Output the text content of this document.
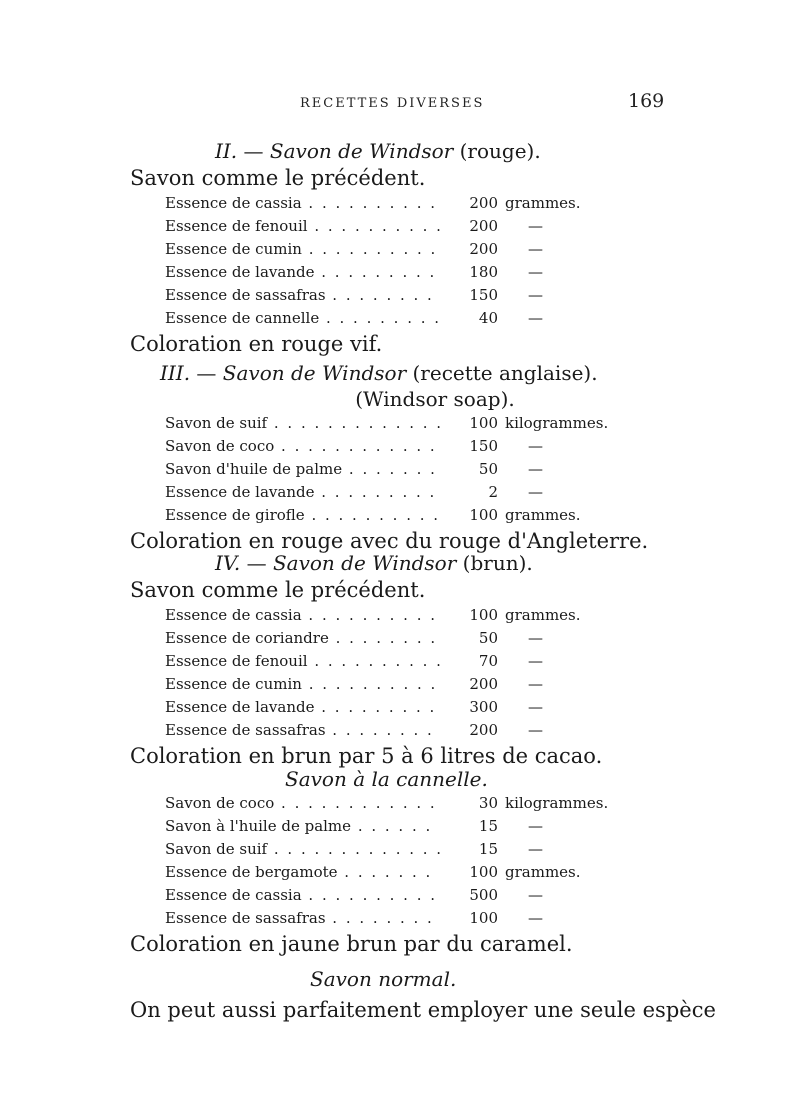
RECETTES DIVERSES	169
II. — Savon de Windsor (rouge).
Savon comme le précédent.
Essence de cassia . . .	200 grammes.
Essence de fenouil . . .	200 —
Essence de cumin . . .	200 —
Essence de lavande . . .	180 —
Essence de sassafras . . .	150 —
Essence de cannelle . . .	40 —
Coloration en rouge vif.
III. — Savon de Windsor (recette anglaise).
(Windsor soap).
Savon de suif . . .	100 kilogrammes.
Savon de coco . . .	150 —
Savon d'huile de palme . . .	50 —
Essence de lavande . . .	2 —
Essence de girofle . . .	100 grammes.
Coloration en rouge avec du rouge d'Angleterre.
IV. — Savon de Windsor (brun).
Savon comme le précédent.
Essence de cassia . . .	100 grammes.
Essence de coriandre . . .	50 —
Essence de fenouil . . .	70 —
Essence de cumin . . .	200 —
Essence de lavande . . .	300 —
Essence de sassafras . . .	200 —
Coloration en brun par 5 à 6 litres de cacao.
Savon à la cannelle.
Savon de coco . . .	30 kilogrammes.
Savon à l'huile de palme . . .	15 —
Savon de suif . . .	15 —
Essence de bergamote . . .	100 grammes.
Essence de cassia . . .	500 —
Essence de sassafras . . .	100 —
Coloration en jaune brun par du caramel.
Savon normal.
On peut aussi parfaitement employer une seule espèce
